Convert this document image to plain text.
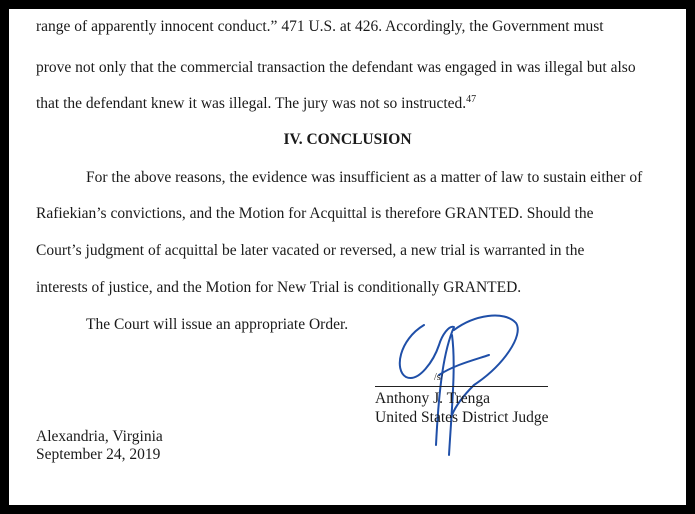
range of apparently innocent conduct.” 471 U.S. at 426. Accordingly, the Government must
prove not only that the commercial transaction the defendant was engaged in was illegal but also
that the defendant knew it was illegal. The jury was not so instructed.$^{47}$
IV. CONCLUSION
For the above reasons, the evidence was insufficient as a matter of law to sustain either of
Rafiekian’s convictions, and the Motion for Acquittal is therefore GRANTED. Should the
Court’s judgment of acquittal be later vacated or reversed, a new trial is warranted in the
interests of justice, and the Motion for New Trial is conditionally GRANTED.
The Court will issue an appropriate Order.
/s/
Anthony J. Trenga
United States District Judge
Alexandria, Virginia
September 24, 2019
